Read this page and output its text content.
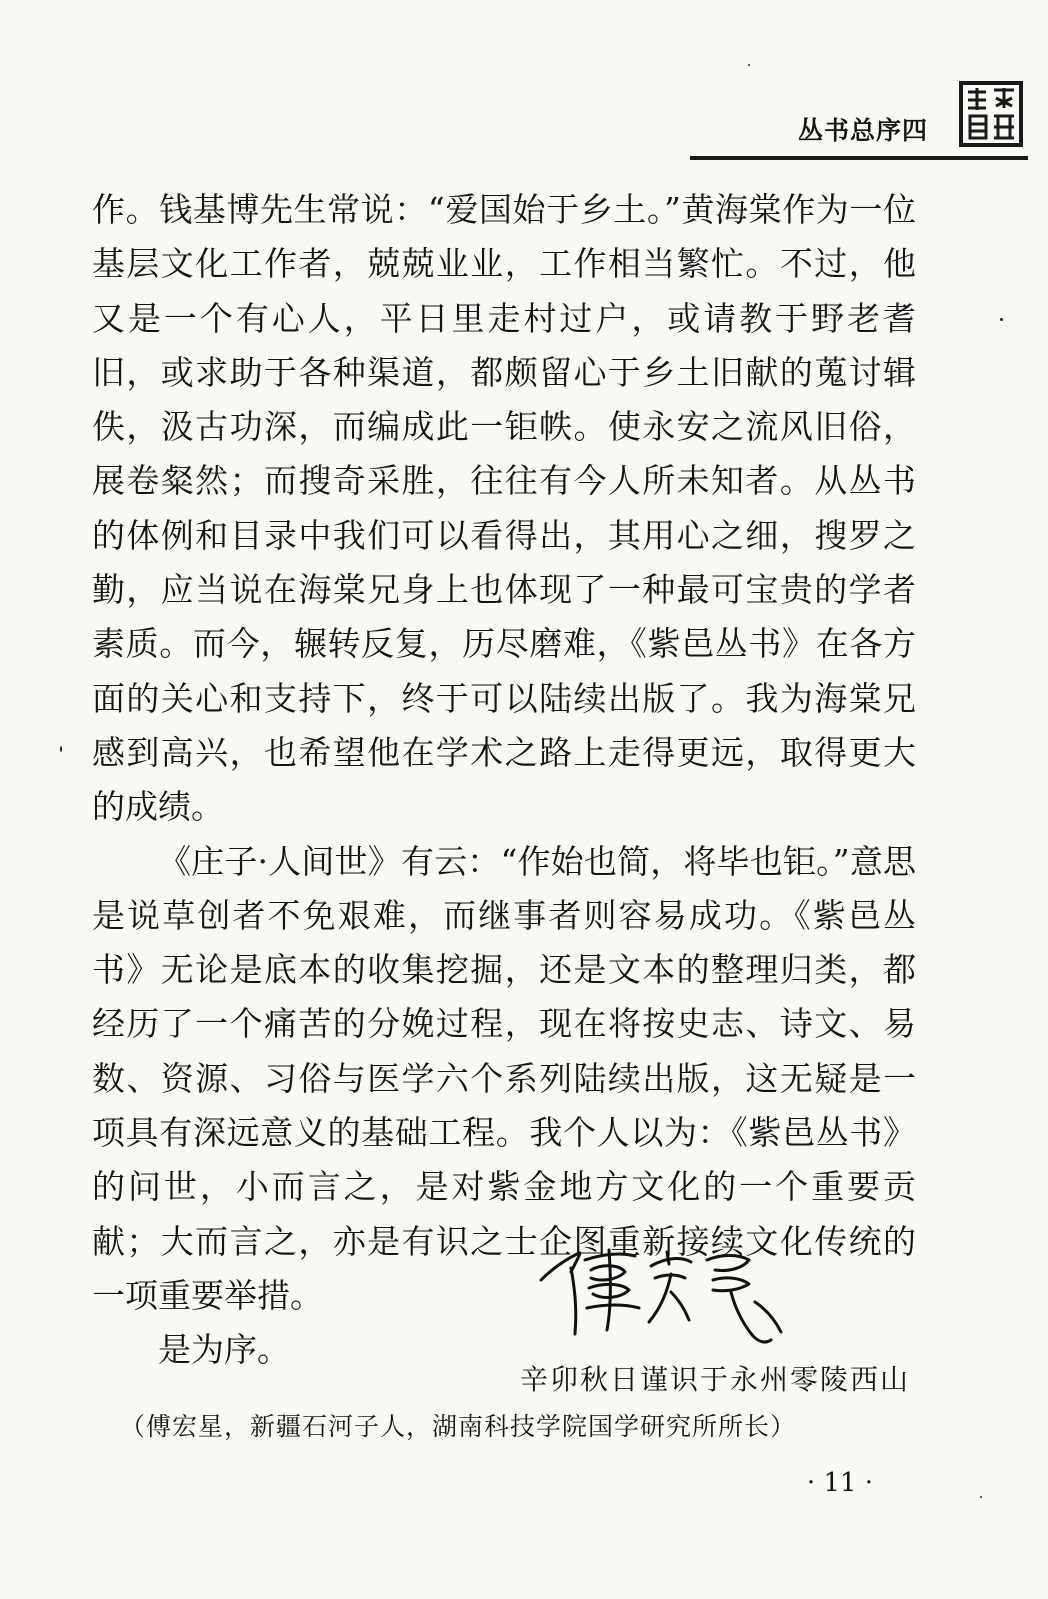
丛书总序四

作。钱基博先生常说：“爱国始于乡土。”黄海棠作为一位基层文化工作者，兢兢业业，工作相当繁忙。不过，他又是一个有心人，平日里走村过户，或请教于野老耆旧，或求助于各种渠道，都颇留心于乡土旧献的蒐讨辑佚，汲古功深，而编成此一钜帙。使永安之流风旧俗，展卷粲然；而搜奇采胜，往往有今人所未知者。从丛书的体例和目录中我们可以看得出，其用心之细，搜罗之勤，应当说在海棠兄身上也体现了一种最可宝贵的学者素质。而今，辗转反复，历尽磨难，《紫邑丛书》在各方面的关心和支持下，终于可以陆续出版了。我为海棠兄感到高兴，也希望他在学术之路上走得更远，取得更大的成绩。

《庄子·人间世》有云：“作始也简，将毕也钜。”意思是说草创者不免艰难，而继事者则容易成功。《紫邑丛书》无论是底本的收集挖掘，还是文本的整理归类，都经历了一个痛苦的分娩过程，现在将按史志、诗文、易数、资源、习俗与医学六个系列陆续出版，这无疑是一项具有深远意义的基础工程。我个人以为：《紫邑丛书》的问世，小而言之，是对紫金地方文化的一个重要贡献；大而言之，亦是有识之士企图重新接续文化传统的一项重要举措。

是为序。

辛卯秋日谨识于永州零陵西山
（傅宏星，新疆石河子人，湖南科技学院国学研究所所长）
· 11 ·
